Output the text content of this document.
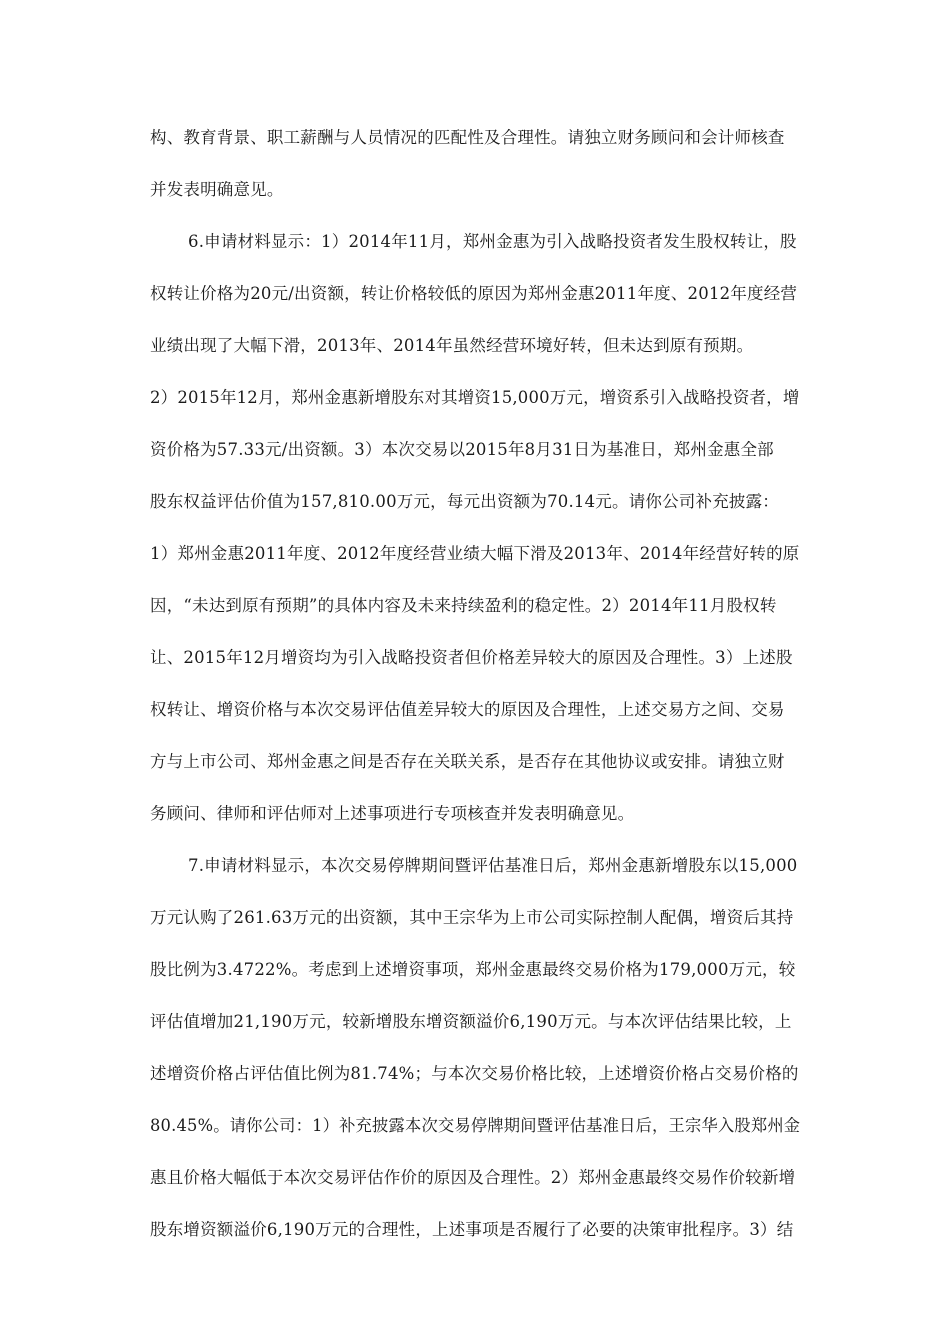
构、教育背景、职工薪酬与人员情况的匹配性及合理性。请独立财务顾问和会计师核查
并发表明确意见。
6.申请材料显示：1）2014年11月，郑州金惠为引入战略投资者发生股权转让，股
权转让价格为20元/出资额，转让价格较低的原因为郑州金惠2011年度、2012年度经营
业绩出现了大幅下滑，2013年、2014年虽然经营环境好转，但未达到原有预期。
2）2015年12月，郑州金惠新增股东对其增资15,000万元，增资系引入战略投资者，增
资价格为57.33元/出资额。3）本次交易以2015年8月31日为基准日，郑州金惠全部
股东权益评估价值为157,810.00万元，每元出资额为70.14元。请你公司补充披露：
1）郑州金惠2011年度、2012年度经营业绩大幅下滑及2013年、2014年经营好转的原
因，“未达到原有预期”的具体内容及未来持续盈利的稳定性。2）2014年11月股权转
让、2015年12月增资均为引入战略投资者但价格差异较大的原因及合理性。3）上述股
权转让、增资价格与本次交易评估值差异较大的原因及合理性，上述交易方之间、交易
方与上市公司、郑州金惠之间是否存在关联关系，是否存在其他协议或安排。请独立财
务顾问、律师和评估师对上述事项进行专项核查并发表明确意见。
7.申请材料显示，本次交易停牌期间暨评估基准日后，郑州金惠新增股东以15,000
万元认购了261.63万元的出资额，其中王宗华为上市公司实际控制人配偶，增资后其持
股比例为3.4722%。考虑到上述增资事项，郑州金惠最终交易价格为179,000万元，较
评估值增加21,190万元，较新增股东增资额溢价6,190万元。与本次评估结果比较，上
述增资价格占评估值比例为81.74%；与本次交易价格比较，上述增资价格占交易价格的
80.45%。请你公司：1）补充披露本次交易停牌期间暨评估基准日后，王宗华入股郑州金
惠且价格大幅低于本次交易评估作价的原因及合理性。2）郑州金惠最终交易作价较新增
股东增资额溢价6,190万元的合理性，上述事项是否履行了必要的决策审批程序。3）结
